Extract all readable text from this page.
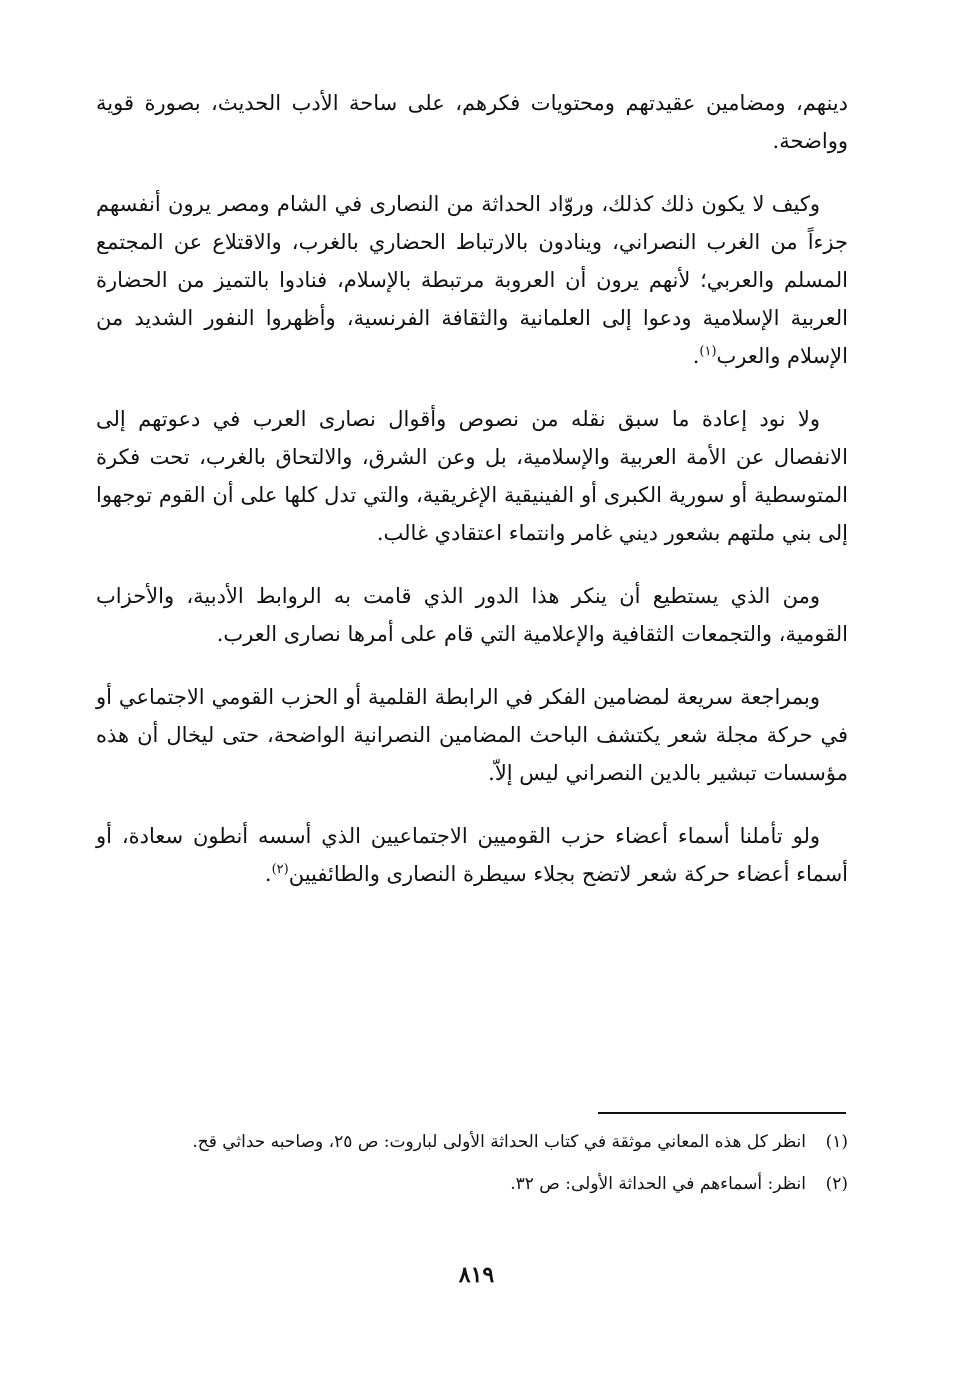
دينهم، ومضامين عقيدتهم ومحتويات فكرهم، على ساحة الأدب الحديث، بصورة قوية وواضحة.

وكيف لا يكون ذلك كذلك، وروّاد الحداثة من النصارى في الشام ومصر يرون أنفسهم جزءاً من الغرب النصراني، وينادون بالارتباط الحضاري بالغرب، والاقتلاع عن المجتمع المسلم والعربي؛ لأنهم يرون أن العروبة مرتبطة بالإسلام، فنادوا بالتميز من الحضارة العربية الإسلامية ودعوا إلى العلمانية والثقافة الفرنسية، وأظهروا النفور الشديد من الإسلام والعرب$^{(١)}$.

ولا نود إعادة ما سبق نقله من نصوص وأقوال نصارى العرب في دعوتهم إلى الانفصال عن الأمة العربية والإسلامية، بل وعن الشرق، والالتحاق بالغرب، تحت فكرة المتوسطية أو سورية الكبرى أو الفينيقية الإغريقية، والتي تدل كلها على أن القوم توجهوا إلى بني ملتهم بشعور ديني غامر وانتماء اعتقادي غالب.

ومن الذي يستطيع أن ينكر هذا الدور الذي قامت به الروابط الأدبية، والأحزاب القومية، والتجمعات الثقافية والإعلامية التي قام على أمرها نصارى العرب.

وبمراجعة سريعة لمضامين الفكر في الرابطة القلمية أو الحزب القومي الاجتماعي أو في حركة مجلة شعر يكتشف الباحث المضامين النصرانية الواضحة، حتى ليخال أن هذه مؤسسات تبشير بالدين النصراني ليس إلاّ.

ولو تأملنا أسماء أعضاء حزب القوميين الاجتماعيين الذي أسسه أنطون سعادة، أو أسماء أعضاء حركة شعر لاتضح بجلاء سيطرة النصارى والطائفيين$^{(٢)}$.

(١)
انظر كل هذه المعاني موثقة في كتاب الحداثة الأولى لباروت: ص ٢٥، وصاحبه حداثي قح.

(٢)
انظر: أسماءهم في الحداثة الأولى: ص ٣٢.

٨١٩
